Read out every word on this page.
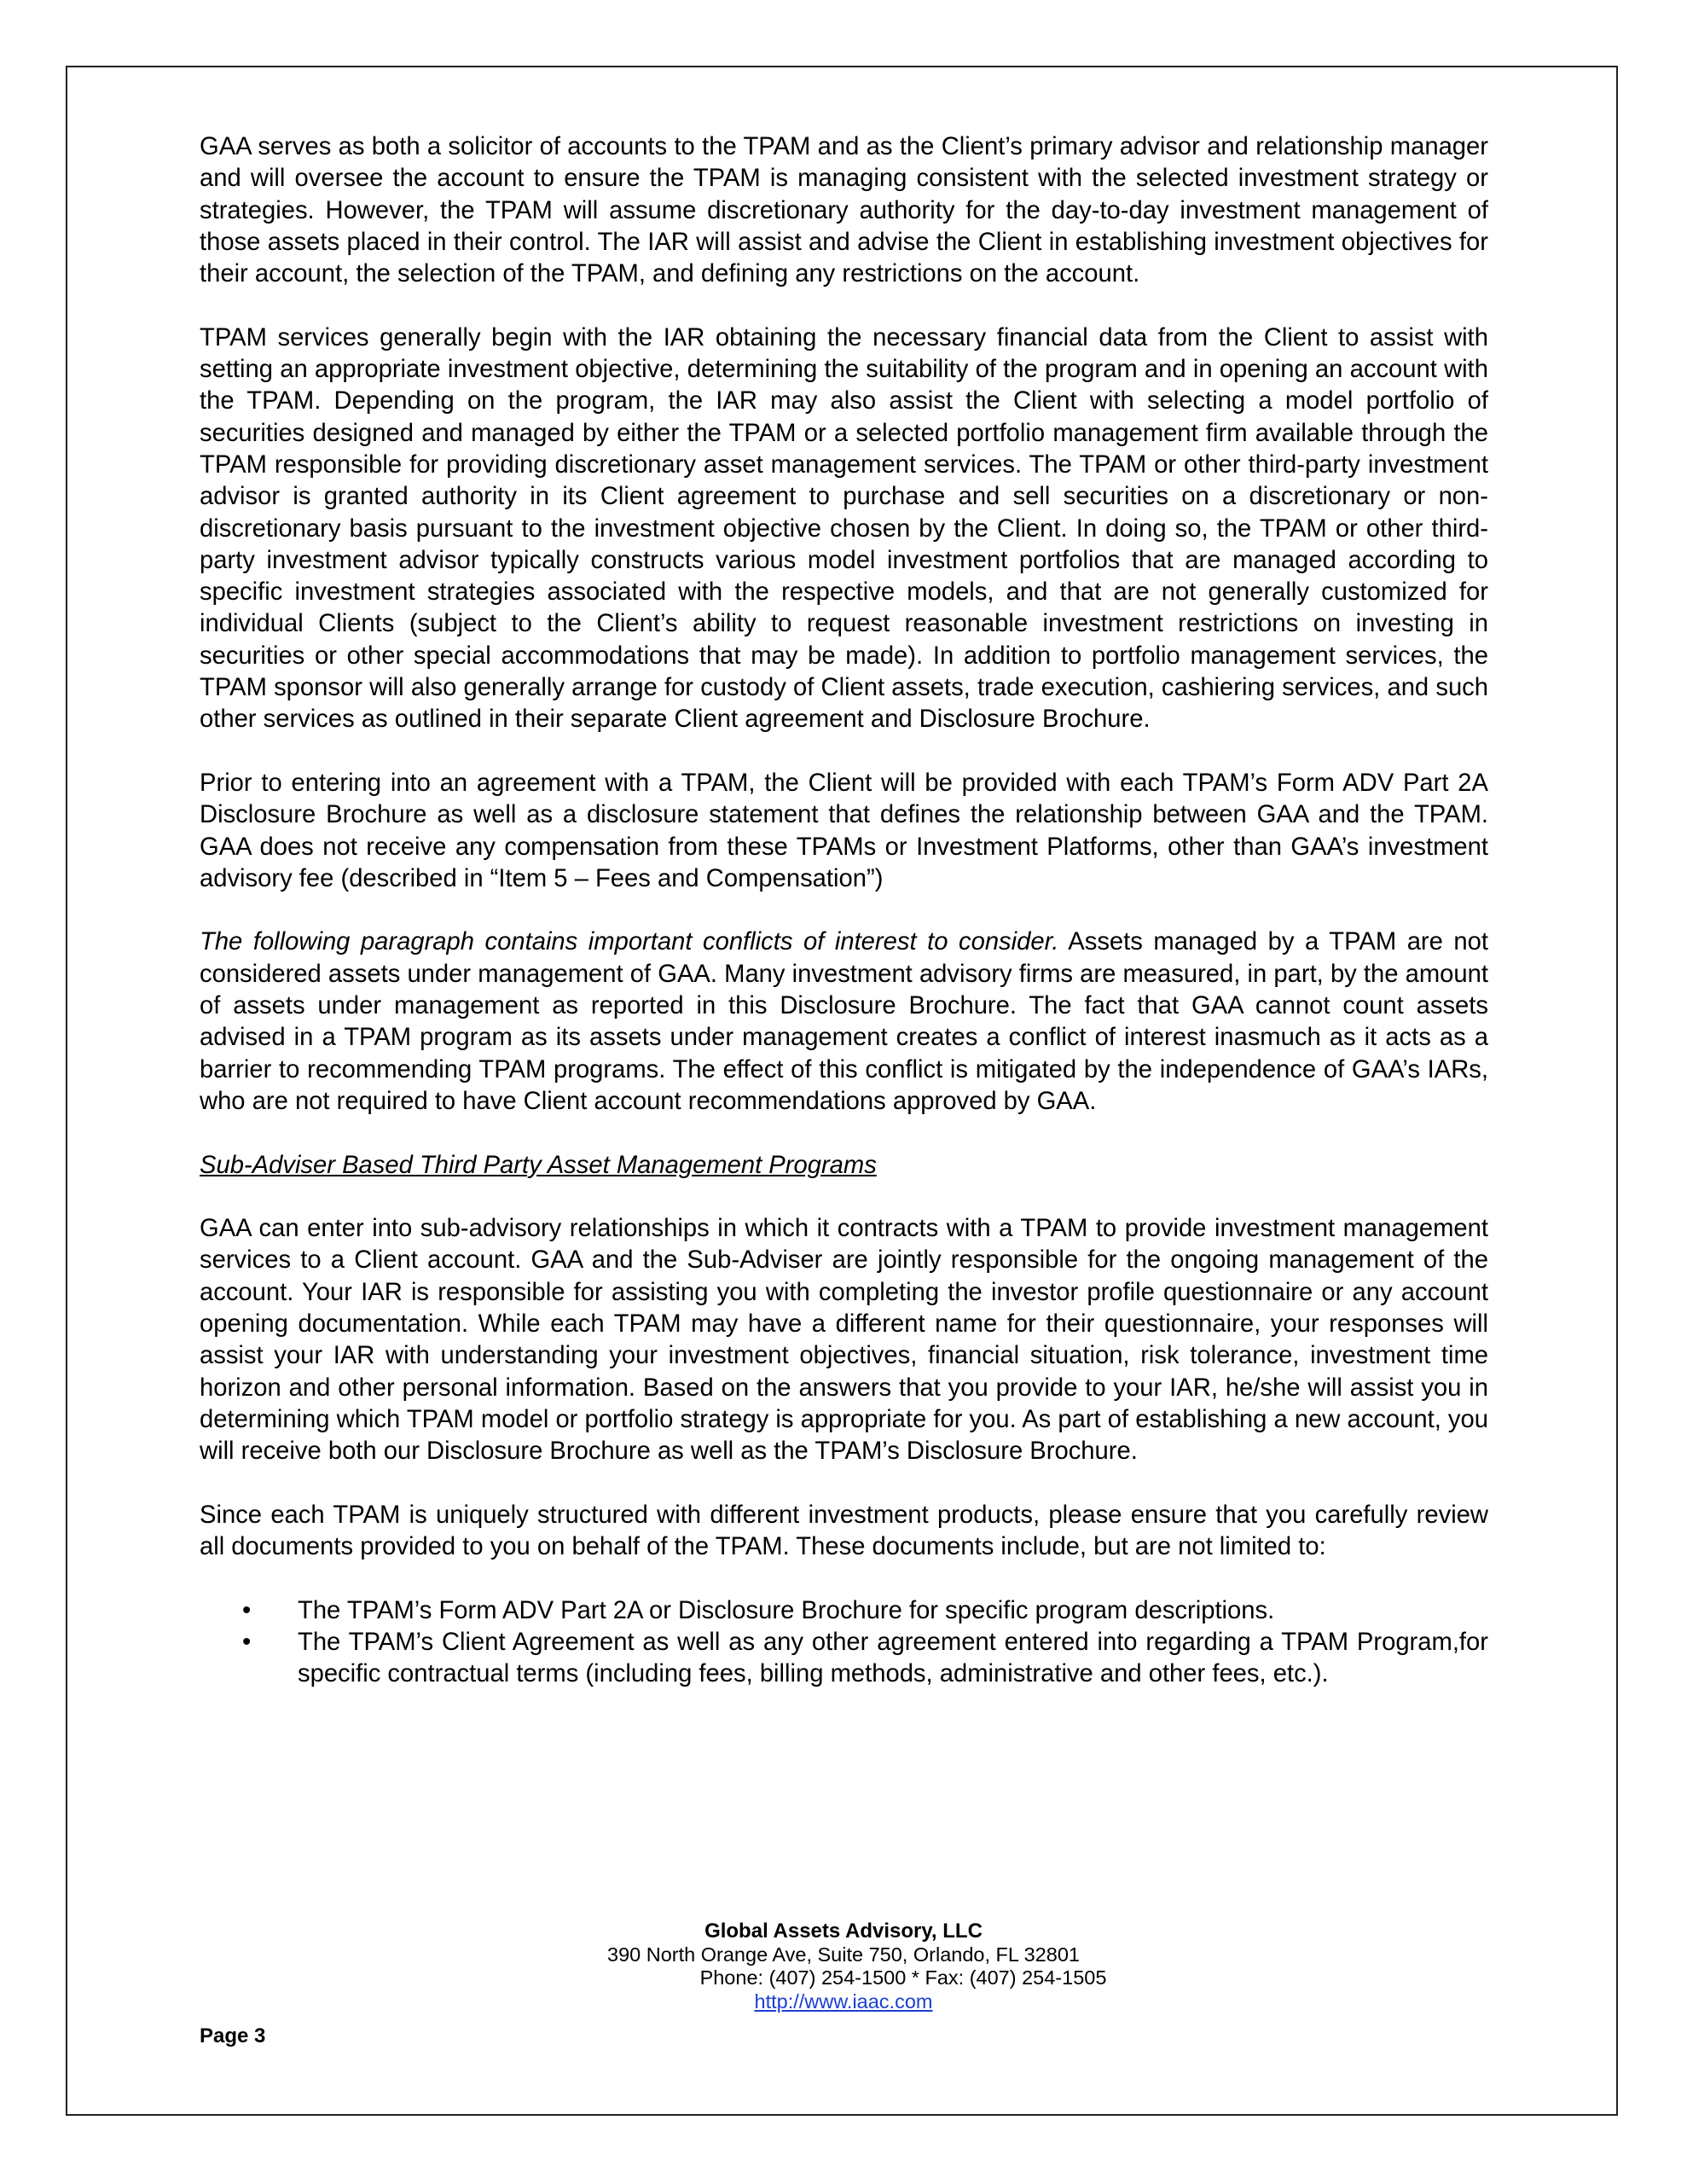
GAA serves as both a solicitor of accounts to the TPAM and as the Client’s primary advisor and relationship manager and will oversee the account to ensure the TPAM is managing consistent with the selected investment strategy or strategies. However, the TPAM will assume discretionary authority for the day-to-day investment management of those assets placed in their control. The IAR will assist and advise the Client in establishing investment objectives for their account, the selection of the TPAM, and defining any restrictions on the account.

TPAM services generally begin with the IAR obtaining the necessary financial data from the Client to assist with setting an appropriate investment objective, determining the suitability of the program and in opening an account with the TPAM. Depending on the program, the IAR may also assist the Client with selecting a model portfolio of securities designed and managed by either the TPAM or a selected portfolio management firm available through the TPAM responsible for providing discretionary asset management services. The TPAM or other third-party investment advisor is granted authority in its Client agreement to purchase and sell securities on a discretionary or non-discretionary basis pursuant to the investment objective chosen by the Client. In doing so, the TPAM or other third-party investment advisor typically constructs various model investment portfolios that are managed according to specific investment strategies associated with the respective models, and that are not generally customized for individual Clients (subject to the Client’s ability to request reasonable investment restrictions on investing in securities or other special accommodations that may be made). In addition to portfolio management services, the TPAM sponsor will also generally arrange for custody of Client assets, trade execution, cashiering services, and such other services as outlined in their separate Client agreement and Disclosure Brochure.

Prior to entering into an agreement with a TPAM, the Client will be provided with each TPAM’s Form ADV Part 2A Disclosure Brochure as well as a disclosure statement that defines the relationship between GAA and the TPAM. GAA does not receive any compensation from these TPAMs or Investment Platforms, other than GAA’s investment advisory fee (described in “Item 5 – Fees and Compensation”)

The following paragraph contains important conflicts of interest to consider. Assets managed by a TPAM are not considered assets under management of GAA. Many investment advisory firms are measured, in part, by the amount of assets under management as reported in this Disclosure Brochure. The fact that GAA cannot count assets advised in a TPAM program as its assets under management creates a conflict of interest inasmuch as it acts as a barrier to recommending TPAM programs. The effect of this conflict is mitigated by the independence of GAA’s IARs, who are not required to have Client account recommendations approved by GAA.

Sub-Adviser Based Third Party Asset Management Programs

GAA can enter into sub-advisory relationships in which it contracts with a TPAM to provide investment management services to a Client account. GAA and the Sub-Adviser are jointly responsible for the ongoing management of the account. Your IAR is responsible for assisting you with completing the investor profile questionnaire or any account opening documentation. While each TPAM may have a different name for their questionnaire, your responses will assist your IAR with understanding your investment objectives, financial situation, risk tolerance, investment time horizon and other personal information. Based on the answers that you provide to your IAR, he/she will assist you in determining which TPAM model or portfolio strategy is appropriate for you. As part of establishing a new account, you will receive both our Disclosure Brochure as well as the TPAM’s Disclosure Brochure.

Since each TPAM is uniquely structured with different investment products, please ensure that you carefully review all documents provided to you on behalf of the TPAM. These documents include, but are not limited to:

• The TPAM’s Form ADV Part 2A or Disclosure Brochure for specific program descriptions.
• The TPAM’s Client Agreement as well as any other agreement entered into regarding a TPAM Program,for specific contractual terms (including fees, billing methods, administrative and other fees, etc.).
Global Assets Advisory, LLC
390 North Orange Ave, Suite 750, Orlando, FL 32801
Phone: (407) 254-1500 * Fax: (407) 254-1505
http://www.iaac.com
Page 3
